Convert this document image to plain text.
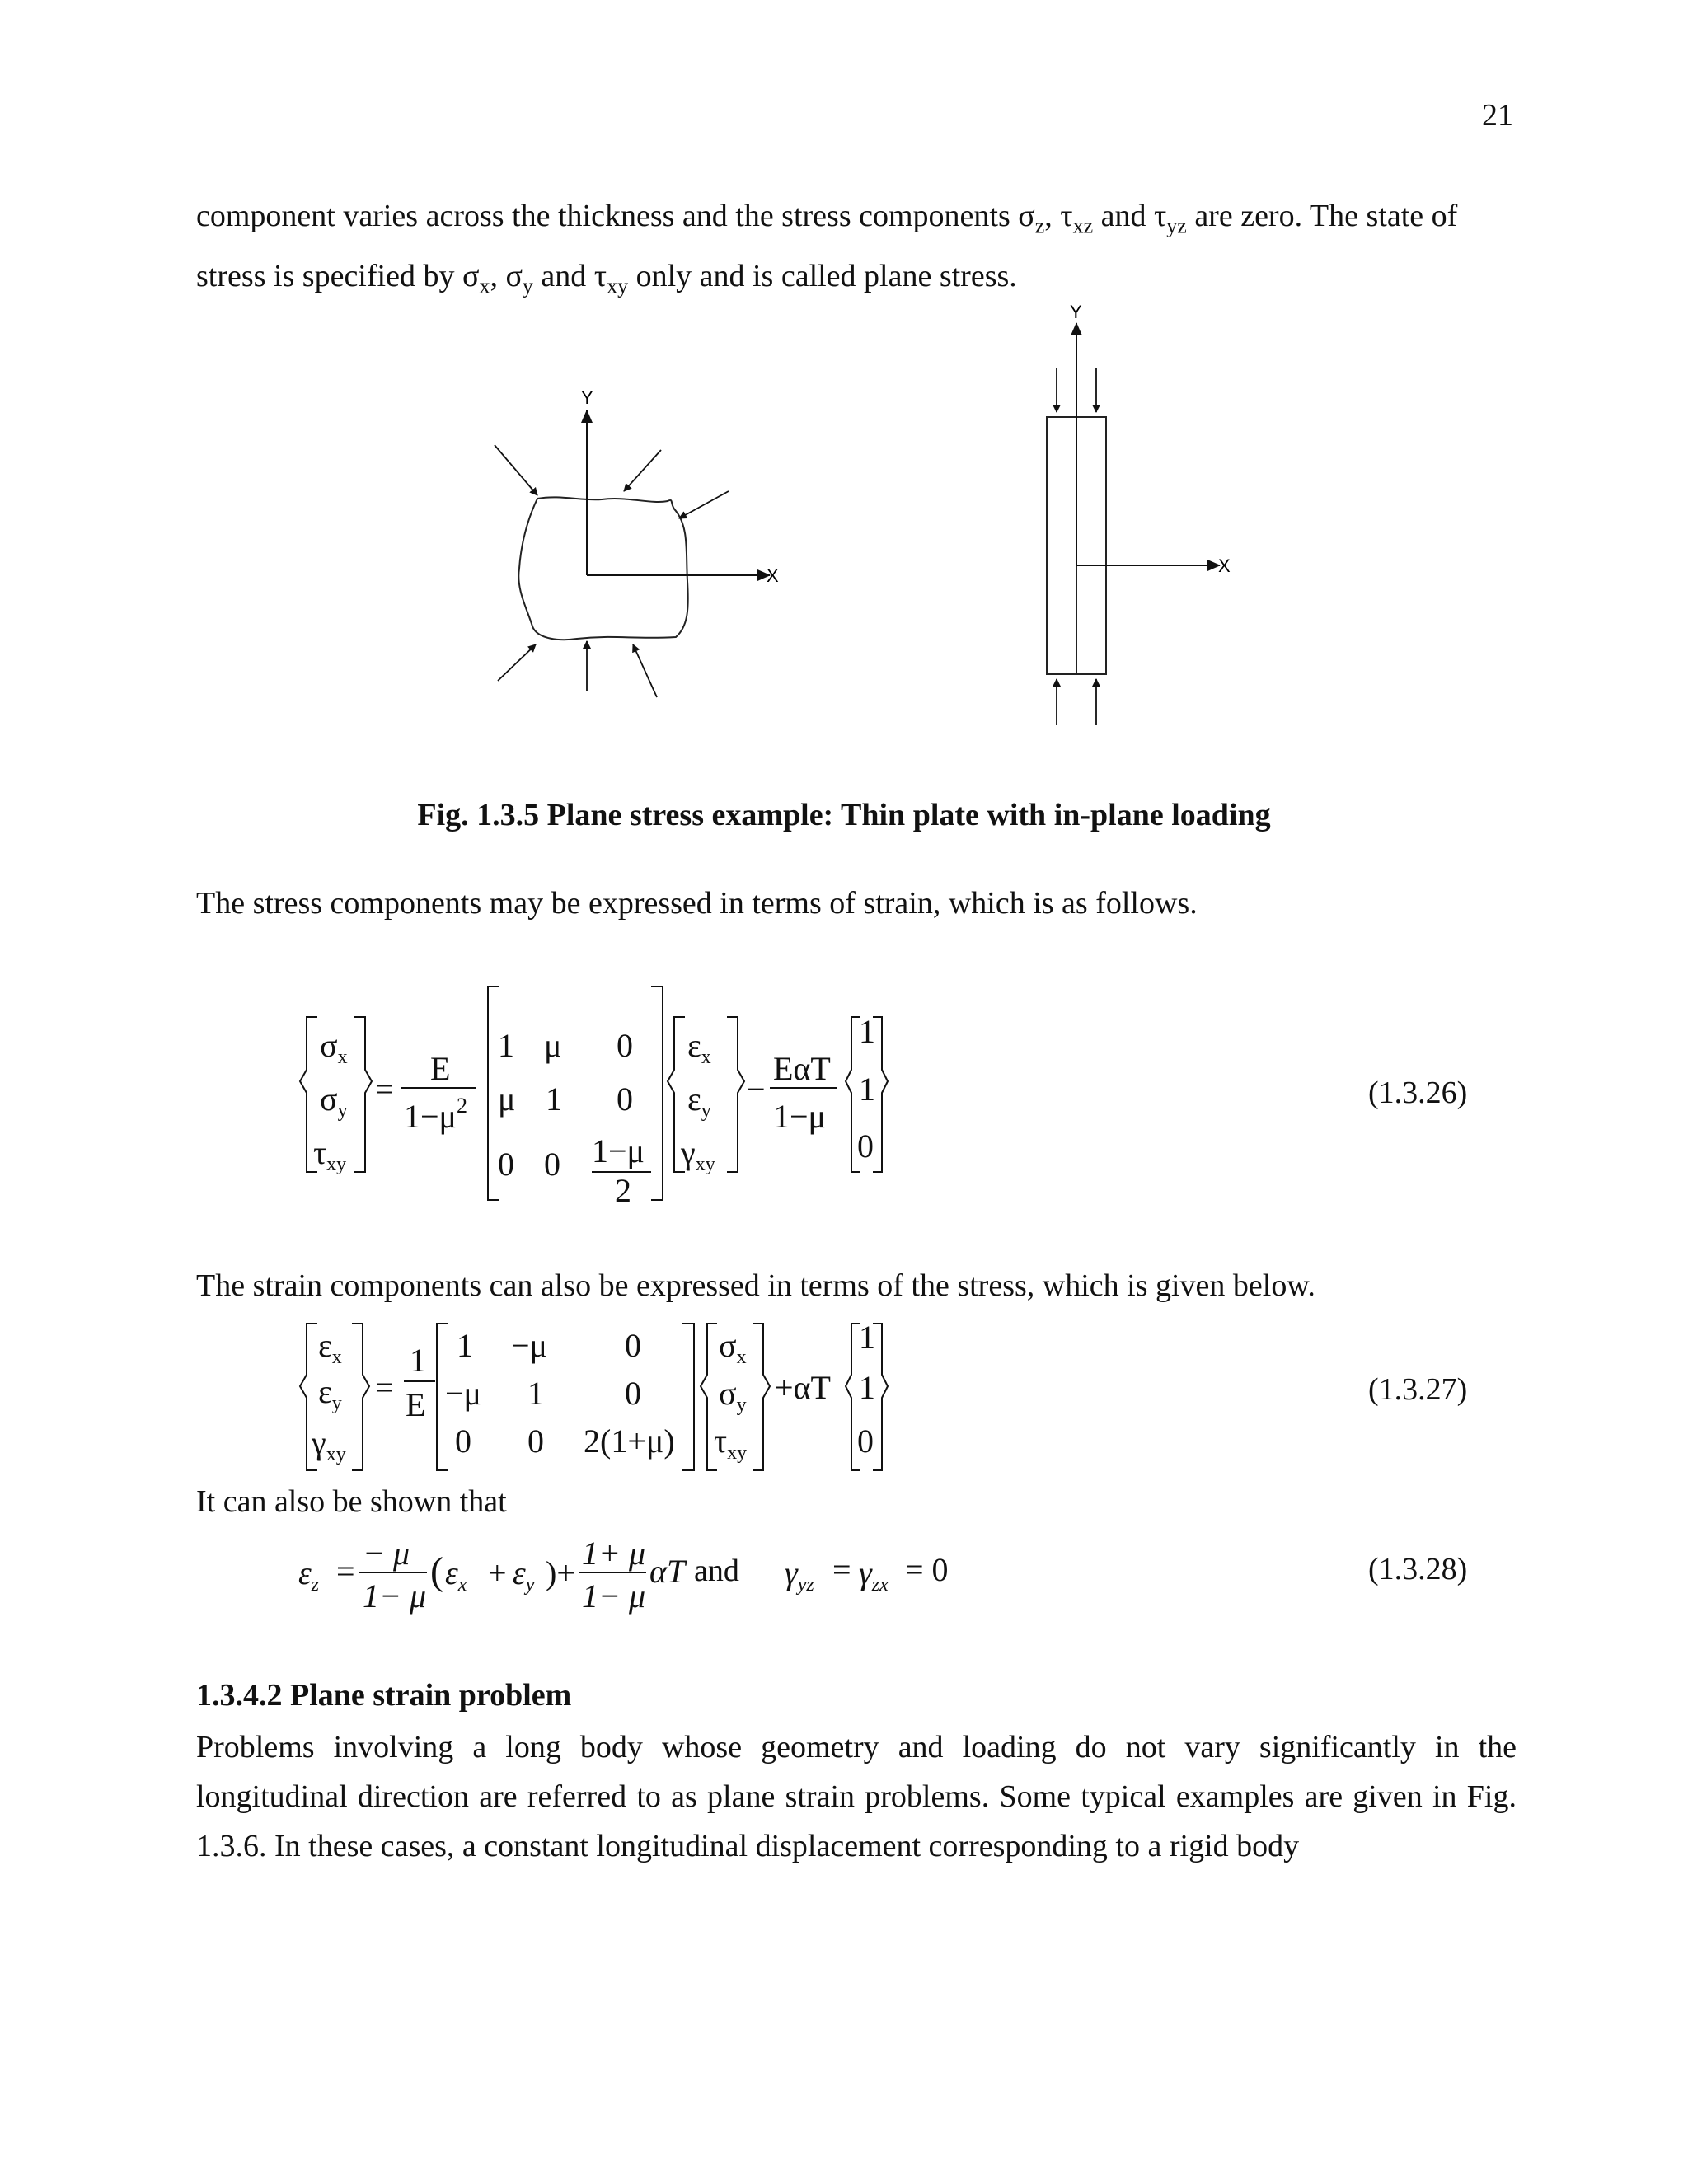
21
component varies across the thickness and the stress components $\sigma_z$, $\tau_{xz}$ and $\tau_{yz}$ are zero. The state of
stress is specified by $\sigma_x$, $\sigma_y$ and $\tau_{xy}$ only and is called plane stress.
Y
X
Y
X
Fig. 1.3.5 Plane stress example: Thin plate with in-plane loading
The stress components may be expressed in terms of strain, which is as follows.
$\sigma_x$
$\sigma_y$
$\tau_{xy}$
=
E
$1-\mu^2$
1 μ 0
μ 1 0
0 0 1−μ
2
$\varepsilon_x$
$\varepsilon_y$
$\gamma_{xy}$
−
EαT
1−μ
1
1
0
(1.3.26)
The strain components can also be expressed in terms of the stress, which is given below.
$\varepsilon_x$
$\varepsilon_y$
$\gamma_{xy}$
=
1
E
1 −μ 0
−μ 1 0
0 0 2(1+μ)
$\sigma_x$
$\sigma_y$
$\tau_{xy}$
+αT
1
1
0
(1.3.27)
It can also be shown that
$\varepsilon_z$ = − μ
1− μ
( $\varepsilon_x + \varepsilon_y$ )+
1+ μ
1− μ
αT and $\gamma_{yz} = \gamma_{zx} = 0$	(1.3.28)
1.3.4.2 Plane strain problem
Problems involving a long body whose geometry and loading do not vary significantly in the longitudinal direction are referred to as plane strain problems. Some typical examples are given in Fig. 1.3.6. In these cases, a constant longitudinal displacement corresponding to a rigid body
